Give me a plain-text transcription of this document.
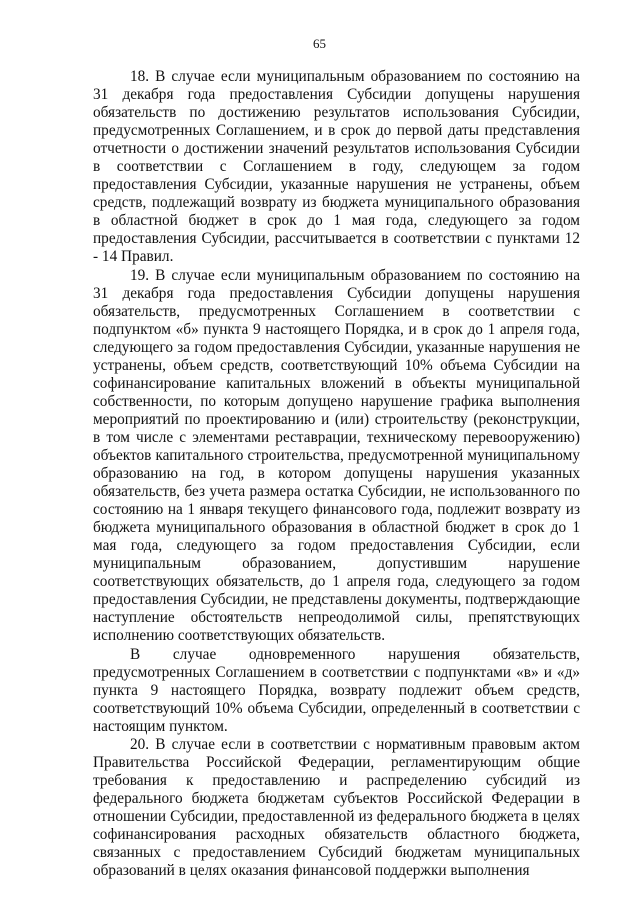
65

18. В случае если муниципальным образованием по состоянию на 31 декабря года предоставления Субсидии допущены нарушения обязательств по достижению результатов использования Субсидии, предусмотренных Соглашением, и в срок до первой даты представления отчетности о достижении значений результатов использования Субсидии в соответствии с Соглашением в году, следующем за годом предоставления Субсидии, указанные нарушения не устранены, объем средств, подлежащий возврату из бюджета муниципального образования в областной бюджет в срок до 1 мая года, следующего за годом предоставления Субсидии, рассчитывается в соответствии с пунктами 12 - 14 Правил.

19. В случае если муниципальным образованием по состоянию на 31 декабря года предоставления Субсидии допущены нарушения обязательств, предусмотренных Соглашением в соответствии с подпунктом «б» пункта 9 настоящего Порядка, и в срок до 1 апреля года, следующего за годом предоставления Субсидии, указанные нарушения не устранены, объем средств, соответствующий 10% объема Субсидии на софинансирование капитальных вложений в объекты муниципальной собственности, по которым допущено нарушение графика выполнения мероприятий по проектированию и (или) строительству (реконструкции, в том числе с элементами реставрации, техническому перевооружению) объектов капитального строительства, предусмотренной муниципальному образованию на год, в котором допущены нарушения указанных обязательств, без учета размера остатка Субсидии, не использованного по состоянию на 1 января текущего финансового года, подлежит возврату из бюджета муниципального образования в областной бюджет в срок до 1 мая года, следующего за годом предоставления Субсидии, если муниципальным образованием, допустившим нарушение соответствующих обязательств, до 1 апреля года, следующего за годом предоставления Субсидии, не представлены документы, подтверждающие наступление обстоятельств непреодолимой силы, препятствующих исполнению соответствующих обязательств.

В случае одновременного нарушения обязательств, предусмотренных Соглашением в соответствии с подпунктами «в» и «д» пункта 9 настоящего Порядка, возврату подлежит объем средств, соответствующий 10% объема Субсидии, определенный в соответствии с настоящим пунктом.

20. В случае если в соответствии с нормативным правовым актом Правительства Российской Федерации, регламентирующим общие требования к предоставлению и распределению субсидий из федерального бюджета бюджетам субъектов Российской Федерации в отношении Субсидии, предоставленной из федерального бюджета в целях софинансирования расходных обязательств областного бюджета, связанных с предоставлением Субсидий бюджетам муниципальных образований в целях оказания финансовой поддержки выполнения
